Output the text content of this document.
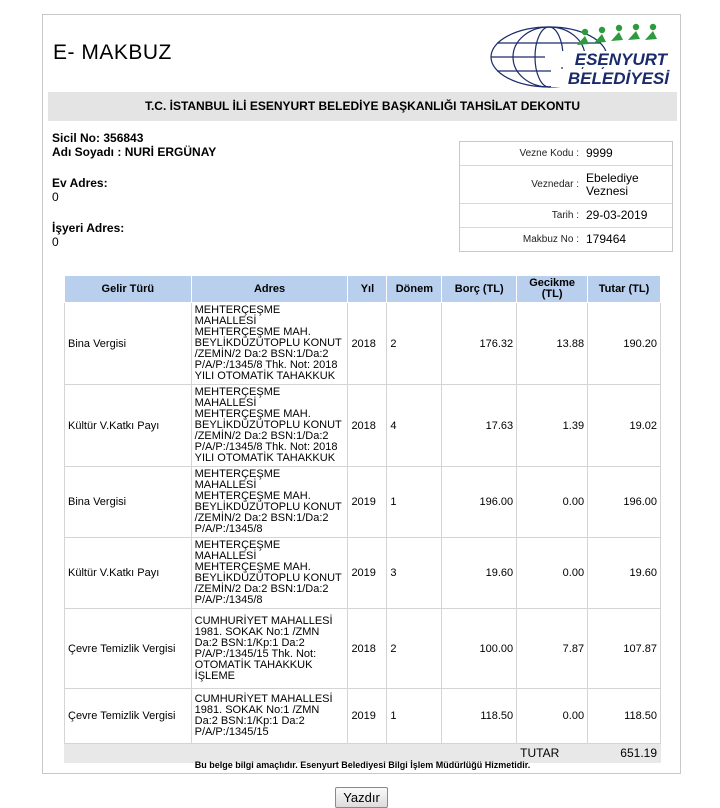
E- MAKBUZ	ESENYURT
BELEDİYESİ
T.C. İSTANBUL İLİ ESENYURT BELEDİYE BAŞKANLIĞI TAHSİLAT DEKONTU
Sicil No: 356843
Adı Soyadı : NURİ ERGÜNAY
Ev Adres:
0
İşyeri Adres:
0
Vezne Kodu : 9999
Veznedar : Ebelediye Veznesi
Tarih : 29-03-2019
Makbuz No : 179464
Gelir Türü	Adres	Yıl	Dönem	Borç (TL)	Gecikme (TL)	Tutar (TL)
Bina Vergisi	MEHTERÇEŞME MAHALLESİ MEHTERÇEŞME MAH. BEYLİKDÜZÜTOPLU KONUT /ZEMİN/2 Da:2 BSN:1/Da:2 P/A/P:/1345/8 Thk. Not: 2018 YILI OTOMATİK TAHAKKUK	2018	2	176.32	13.88	190.20
Kültür V.Katkı Payı	MEHTERÇEŞME MAHALLESİ MEHTERÇEŞME MAH. BEYLİKDÜZÜTOPLU KONUT /ZEMİN/2 Da:2 BSN:1/Da:2 P/A/P:/1345/8 Thk. Not: 2018 YILI OTOMATİK TAHAKKUK	2018	4	17.63	1.39	19.02
Bina Vergisi	MEHTERÇEŞME MAHALLESİ MEHTERÇEŞME MAH. BEYLİKDÜZÜTOPLU KONUT /ZEMİN/2 Da:2 BSN:1/Da:2 P/A/P:/1345/8	2019	1	196.00	0.00	196.00
Kültür V.Katkı Payı	MEHTERÇEŞME MAHALLESİ MEHTERÇEŞME MAH. BEYLİKDÜZÜTOPLU KONUT /ZEMİN/2 Da:2 BSN:1/Da:2 P/A/P:/1345/8	2019	3	19.60	0.00	19.60
Çevre Temizlik Vergisi	CUMHURİYET MAHALLESİ 1981. SOKAK No:1 /ZMN Da:2 BSN:1/Kp:1 Da:2 P/A/P:/1345/15 Thk. Not: OTOMATİK TAHAKKUK İŞLEME	2018	2	100.00	7.87	107.87
Çevre Temizlik Vergisi	CUMHURİYET MAHALLESİ 1981. SOKAK No:1 /ZMN Da:2 BSN:1/Kp:1 Da:2 P/A/P:/1345/15	2019	1	118.50	0.00	118.50
					TUTAR	651.19
Bu belge bilgi amaçlıdır. Esenyurt Belediyesi Bilgi İşlem Müdürlüğü Hizmetidir.
Yazdır
